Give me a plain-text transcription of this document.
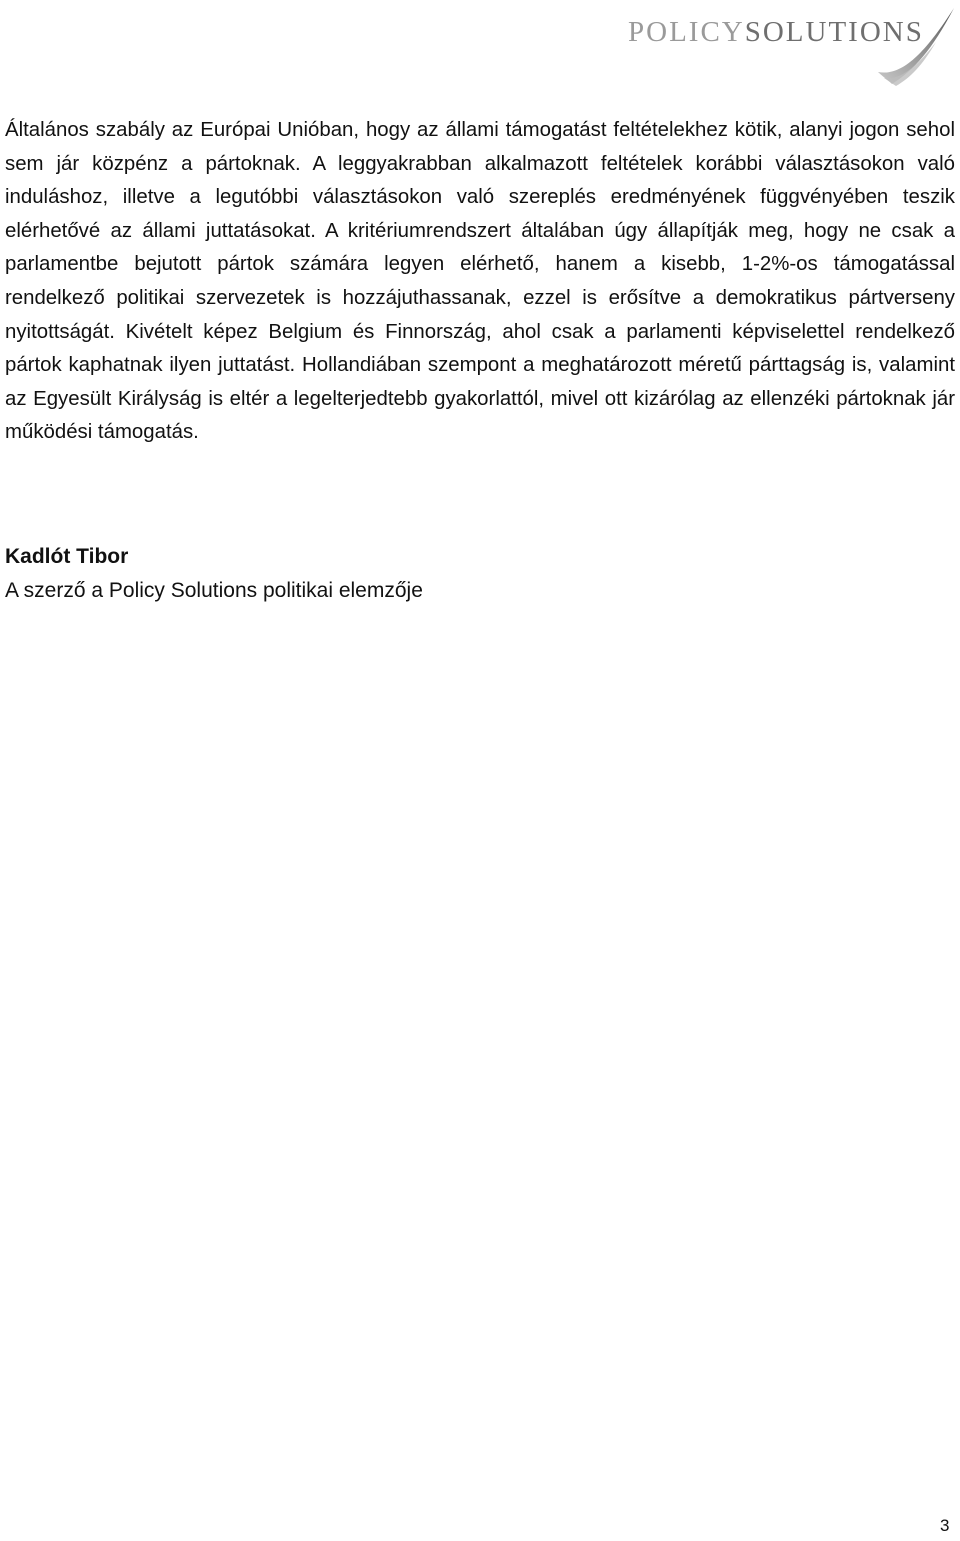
POLICYSOLUTIONS

Általános szabály az Európai Unióban, hogy az állami támogatást feltételekhez kötik, alanyi jogon sehol sem jár közpénz a pártoknak. A leggyakrabban alkalmazott feltételek korábbi választásokon való induláshoz, illetve a legutóbbi választásokon való szereplés eredményének függvényében teszik elérhetővé az állami juttatásokat. A kritériumrendszert általában úgy állapítják meg, hogy ne csak a parlamentbe bejutott pártok számára legyen elérhető, hanem a kisebb, 1-2%-os támogatással rendelkező politikai szervezetek is hozzájuthassanak, ezzel is erősítve a demokratikus pártverseny nyitottságát. Kivételt képez Belgium és Finnország, ahol csak a parlamenti képviselettel rendelkező pártok kaphatnak ilyen juttatást. Hollandiában szempont a meghatározott méretű párttagság is, valamint az Egyesült Királyság is eltér a legelterjedtebb gyakorlattól, mivel ott kizárólag az ellenzéki pártoknak jár működési támogatás.

Kadlót Tibor

A szerző a Policy Solutions politikai elemzője

3
